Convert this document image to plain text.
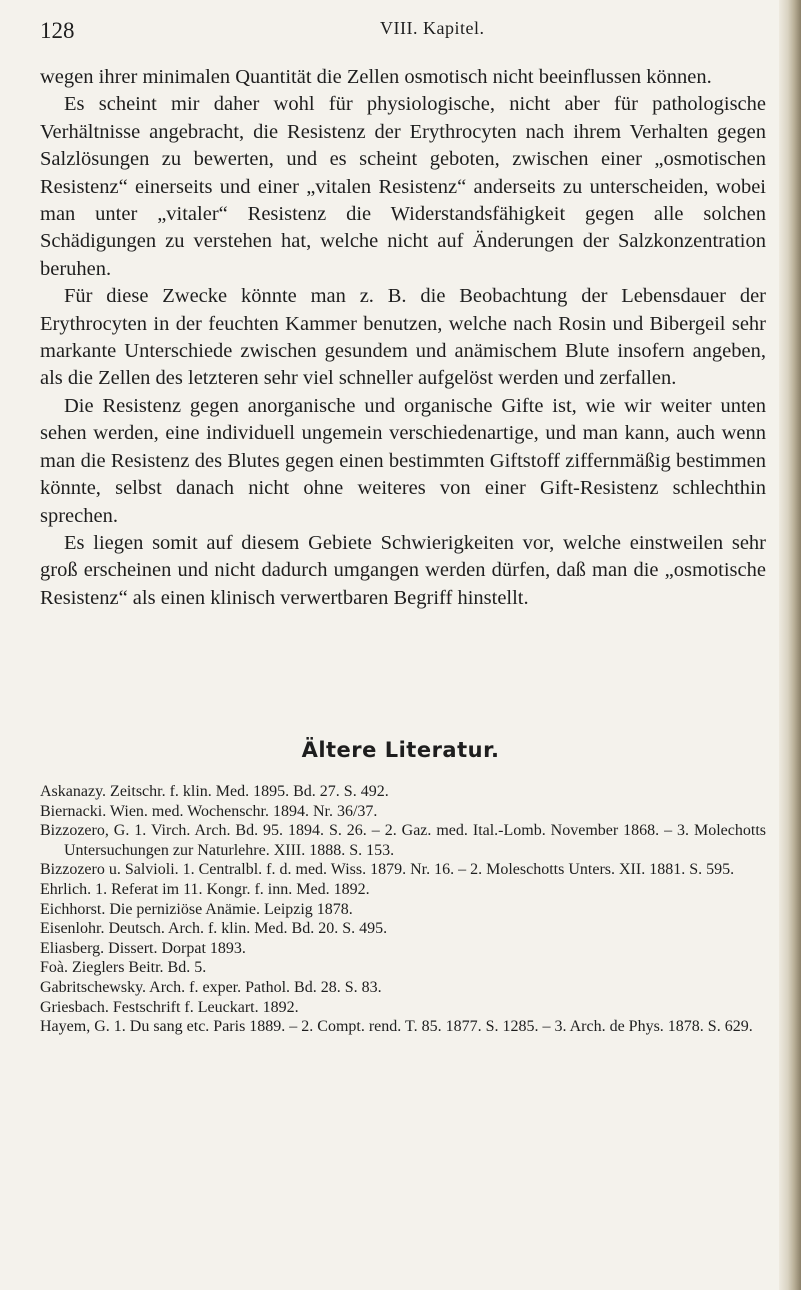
128	VIII. Kapitel.

wegen ihrer minimalen Quantität die Zellen osmotisch nicht beeinflussen können.

Es scheint mir daher wohl für physiologische, nicht aber für pathologische Verhältnisse angebracht, die Resistenz der Erythrocyten nach ihrem Verhalten gegen Salzlösungen zu bewerten, und es scheint geboten, zwischen einer „osmotischen Resistenz“ einerseits und einer „vitalen Resistenz“ anderseits zu unterscheiden, wobei man unter „vitaler“ Resistenz die Widerstandsfähigkeit gegen alle solchen Schädigungen zu verstehen hat, welche nicht auf Änderungen der Salzkonzentration beruhen.

Für diese Zwecke könnte man z. B. die Beobachtung der Lebensdauer der Erythrocyten in der feuchten Kammer benutzen, welche nach Rosin und Bibergeil sehr markante Unterschiede zwischen gesundem und anämischem Blute insofern angeben, als die Zellen des letzteren sehr viel schneller aufgelöst werden und zerfallen.

Die Resistenz gegen anorganische und organische Gifte ist, wie wir weiter unten sehen werden, eine individuell ungemein verschiedenartige, und man kann, auch wenn man die Resistenz des Blutes gegen einen bestimmten Giftstoff ziffernmäßig bestimmen könnte, selbst danach nicht ohne weiteres von einer Gift-Resistenz schlechthin sprechen.

Es liegen somit auf diesem Gebiete Schwierigkeiten vor, welche einstweilen sehr groß erscheinen und nicht dadurch umgangen werden dürfen, daß man die „osmotische Resistenz“ als einen klinisch verwertbaren Begriff hinstellt.

Ältere Literatur.
Askanazy. Zeitschr. f. klin. Med. 1895. Bd. 27. S. 492.
Biernacki. Wien. med. Wochenschr. 1894. Nr. 36/37.
Bizzozero, G. 1. Virch. Arch. Bd. 95. 1894. S. 26. – 2. Gaz. med. Ital.-Lomb. November 1868. – 3. Molechotts Untersuchungen zur Naturlehre. XIII. 1888. S. 153.
Bizzozero u. Salvioli. 1. Centralbl. f. d. med. Wiss. 1879. Nr. 16. – 2. Moleschotts Unters. XII. 1881. S. 595.
Ehrlich. 1. Referat im 11. Kongr. f. inn. Med. 1892.
Eichhorst. Die perniziöse Anämie. Leipzig 1878.
Eisenlohr. Deutsch. Arch. f. klin. Med. Bd. 20. S. 495.
Eliasberg. Dissert. Dorpat 1893.
Foà. Zieglers Beitr. Bd. 5.
Gabritschewsky. Arch. f. exper. Pathol. Bd. 28. S. 83.
Griesbach. Festschrift f. Leuckart. 1892.
Hayem, G. 1. Du sang etc. Paris 1889. – 2. Compt. rend. T. 85. 1877. S. 1285. – 3. Arch. de Phys. 1878. S. 629.
